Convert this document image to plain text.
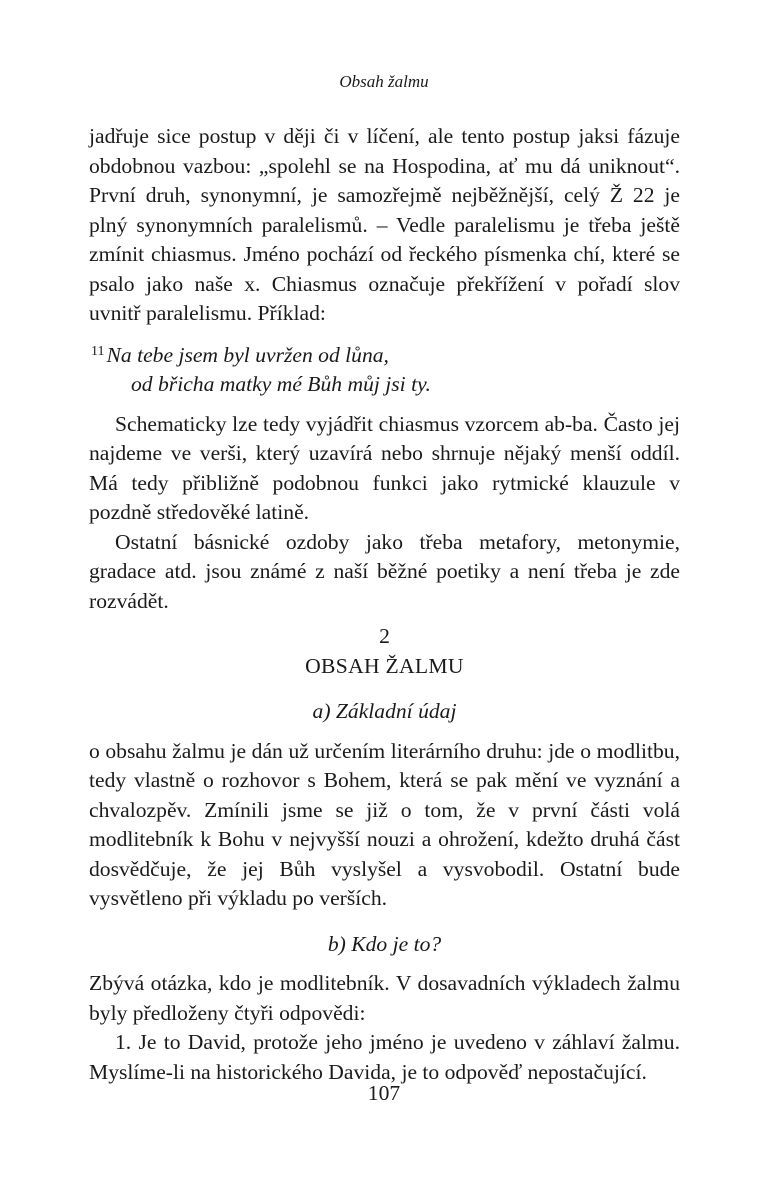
Obsah žalmu

jadřuje sice postup v ději či v líčení, ale tento postup jaksi fázuje obdobnou vazbou: „spolehl se na Hospodina, ať mu dá uniknout“. První druh, synonymní, je samozřejmě nejběžnější, celý Ž 22 je plný synonymních paralelismů. – Vedle paralelismu je třeba ještě zmínit chiasmus. Jméno pochází od řeckého písmenka chí, které se psalo jako naše x. Chiasmus označuje překřížení v pořadí slov uvnitř paralelismu. Příklad:

$^{11}$Na tebe jsem byl uvržen od lůna,
od břicha matky mé Bůh můj jsi ty.

Schematicky lze tedy vyjádřit chiasmus vzorcem ab-ba. Často jej najdeme ve verši, který uzavírá nebo shrnuje nějaký menší oddíl. Má tedy přibližně podobnou funkci jako rytmické klauzule v pozdně středověké latině.

Ostatní básnické ozdoby jako třeba metafory, metonymie, gradace atd. jsou známé z naší běžné poetiky a není třeba je zde rozvádět.

2
OBSAH ŽALMU
a) Základní údaj

o obsahu žalmu je dán už určením literárního druhu: jde o modlitbu, tedy vlastně o rozhovor s Bohem, která se pak mění ve vyznání a chvalozpěv. Zmínili jsme se již o tom, že v první části volá modlitebník k Bohu v nejvyšší nouzi a ohrožení, kdežto druhá část dosvědčuje, že jej Bůh vyslyšel a vysvobodil. Ostatní bude vysvětleno při výkladu po verších.

b) Kdo je to?

Zbývá otázka, kdo je modlitebník. V dosavadních výkladech žalmu byly předloženy čtyři odpovědi:

1. Je to David, protože jeho jméno je uvedeno v záhlaví žalmu. Myslíme-li na historického Davida, je to odpověď nepostačující.

107
